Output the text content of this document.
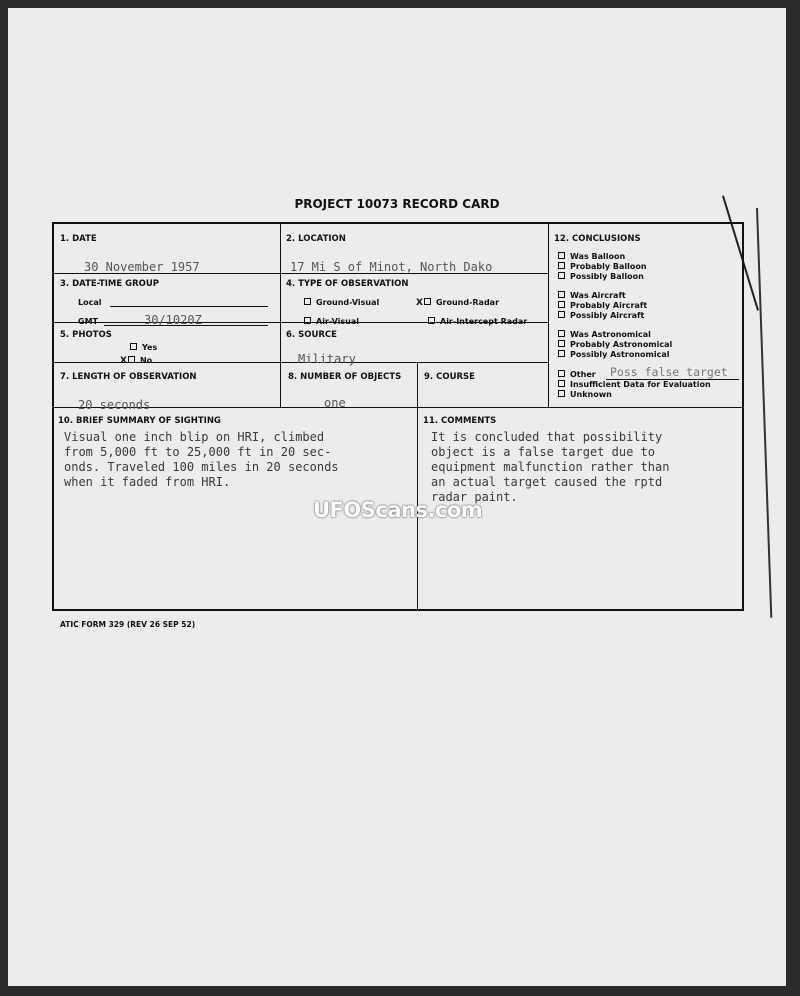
PROJECT 10073 RECORD CARD
1. DATE
30 November 1957
2. LOCATION
17 Mi S of Minot, North Dako
3. DATE-TIME GROUP
Local
GMT	30/1020Z
4. TYPE OF OBSERVATION
Ground-Visual	X Ground-Radar
Air-Visual	Air-Intercept Radar
5. PHOTOS
Yes
X No
6. SOURCE
Military
7. LENGTH OF OBSERVATION
20 seconds
8. NUMBER OF OBJECTS
one
9. COURSE
10. BRIEF SUMMARY OF SIGHTING
Visual one inch blip on HRI, climbed
from 5,000 ft to 25,000 ft in 20 sec-
onds. Traveled 100 miles in 20 seconds
when it faded from HRI.
11. COMMENTS
It is concluded that possibility
object is a false target due to
equipment malfunction rather than
an actual target caused the rptd
radar paint.
12. CONCLUSIONS
Was Balloon
Probably Balloon
Possibly Balloon
Was Aircraft
Probably Aircraft
Possibly Aircraft
Was Astronomical
Probably Astronomical
Possibly Astronomical
Other Poss false target
Insufficient Data for Evaluation
Unknown
UFOScans.com
ATIC FORM 329 (REV 26 SEP 52)
